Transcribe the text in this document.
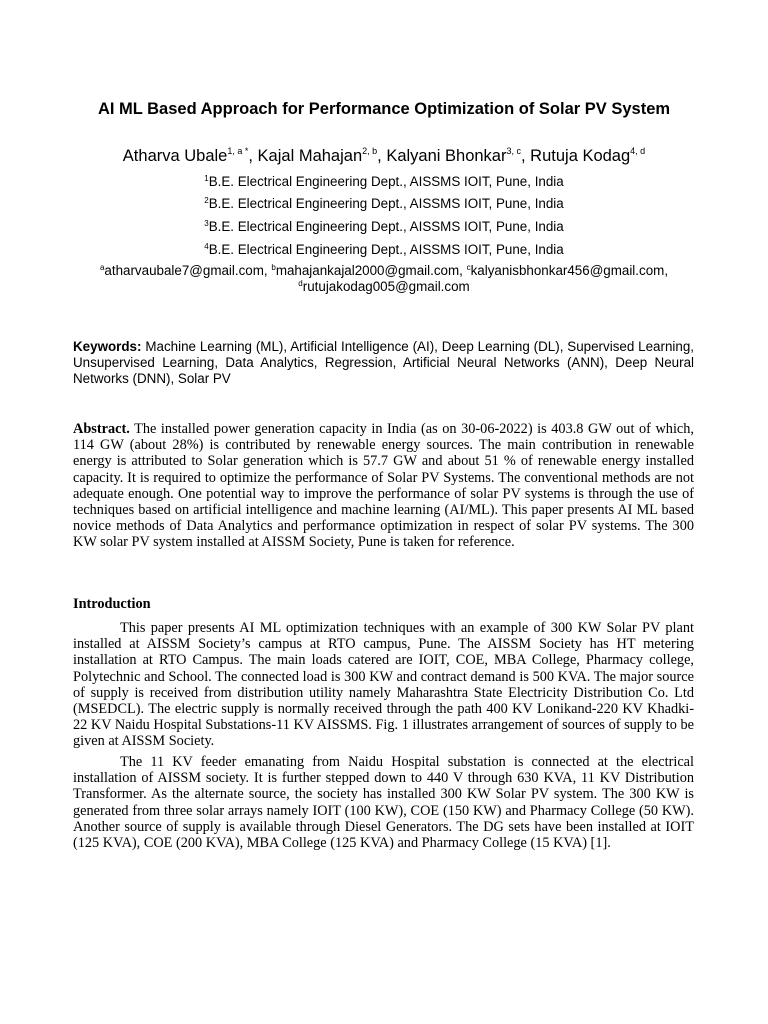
AI ML Based Approach for Performance Optimization of Solar PV System
Atharva Ubale$^{1, a *}$, Kajal Mahajan$^{2, b}$, Kalyani Bhonkar$^{3, c}$, Rutuja Kodag$^{4, d}$
$^1$B.E. Electrical Engineering Dept., AISSMS IOIT, Pune, India
$^2$B.E. Electrical Engineering Dept., AISSMS IOIT, Pune, India
$^3$B.E. Electrical Engineering Dept., AISSMS IOIT, Pune, India
$^4$B.E. Electrical Engineering Dept., AISSMS IOIT, Pune, India
$^a$atharvaubale7@gmail.com, $^b$mahajankajal2000@gmail.com, $^c$kalyanisbhonkar456@gmail.com,
$^d$rutujakodag005@gmail.com
Keywords: Machine Learning (ML), Artificial Intelligence (AI), Deep Learning (DL), Supervised Learning, Unsupervised Learning, Data Analytics, Regression, Artificial Neural Networks (ANN), Deep Neural Networks (DNN), Solar PV
Abstract. The installed power generation capacity in India (as on 30-06-2022) is 403.8 GW out of which, 114 GW (about 28%) is contributed by renewable energy sources. The main contribution in renewable energy is attributed to Solar generation which is 57.7 GW and about 51 % of renewable energy installed capacity. It is required to optimize the performance of Solar PV Systems. The conventional methods are not adequate enough. One potential way to improve the performance of solar PV systems is through the use of techniques based on artificial intelligence and machine learning (AI/ML). This paper presents AI ML based novice methods of Data Analytics and performance optimization in respect of solar PV systems. The 300 KW solar PV system installed at AISSM Society, Pune is taken for reference.
Introduction

This paper presents AI ML optimization techniques with an example of 300 KW Solar PV plant installed at AISSM Society’s campus at RTO campus, Pune. The AISSM Society has HT metering installation at RTO Campus. The main loads catered are IOIT, COE, MBA College, Pharmacy college, Polytechnic and School. The connected load is 300 KW and contract demand is 500 KVA. The major source of supply is received from distribution utility namely Maharashtra State Electricity Distribution Co. Ltd (MSEDCL). The electric supply is normally received through the path 400 KV Lonikand-220 KV Khadki-22 KV Naidu Hospital Substations-11 KV AISSMS. Fig. 1 illustrates arrangement of sources of supply to be given at AISSM Society.

The 11 KV feeder emanating from Naidu Hospital substation is connected at the electrical installation of AISSM society. It is further stepped down to 440 V through 630 KVA, 11 KV Distribution Transformer. As the alternate source, the society has installed 300 KW Solar PV system. The 300 KW is generated from three solar arrays namely IOIT (100 KW), COE (150 KW) and Pharmacy College (50 KW). Another source of supply is available through Diesel Generators. The DG sets have been installed at IOIT (125 KVA), COE (200 KVA), MBA College (125 KVA) and Pharmacy College (15 KVA) [1].
